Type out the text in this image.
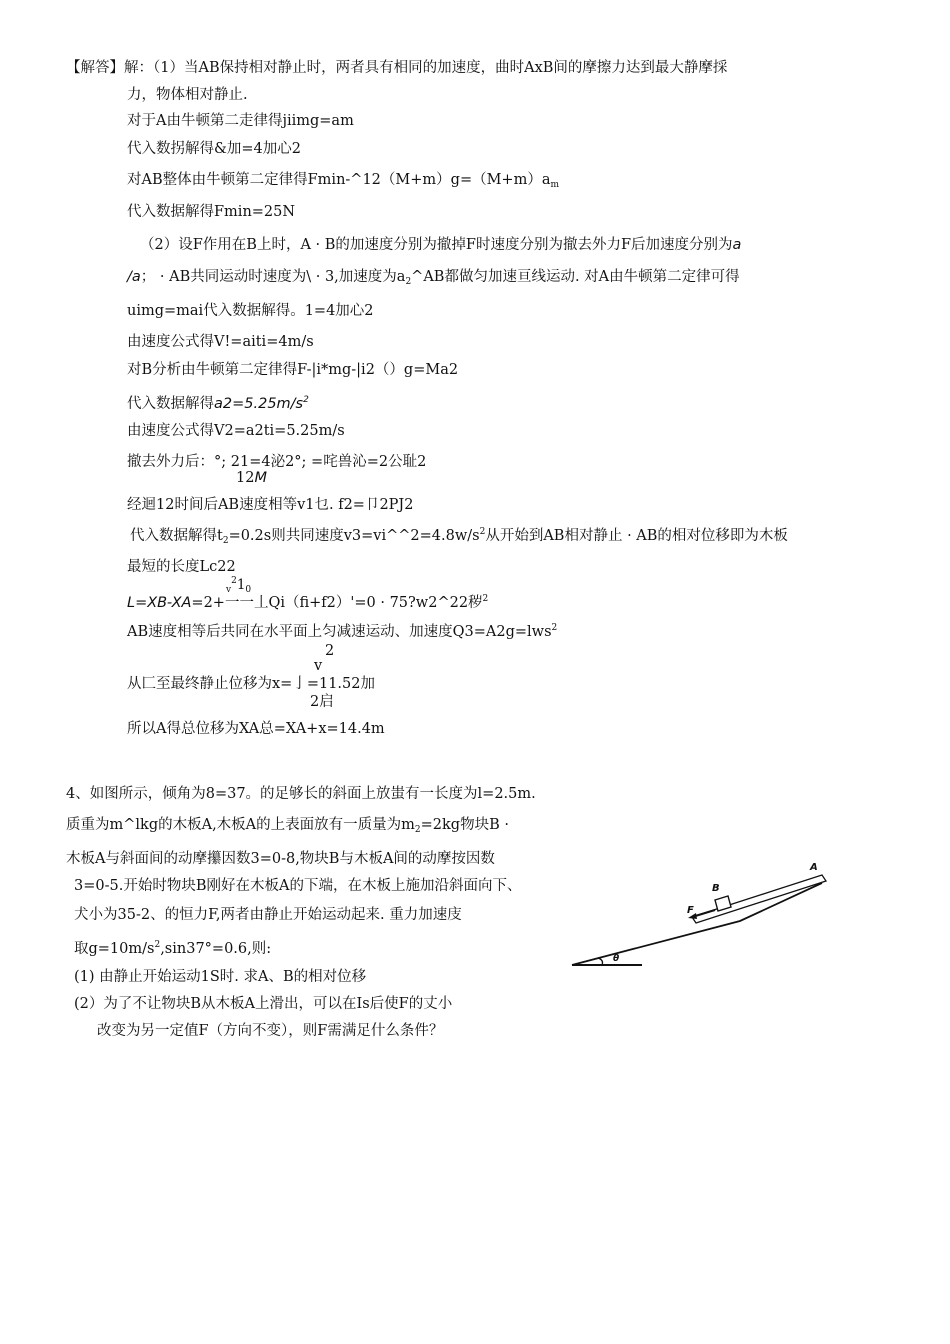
【解答】解：（1）当AB保持相对静止时，两者具有相同的加速度，曲时AxB间的摩擦力达到最大静摩採
力，物体相对静止.
对于A由牛顿第二走律得jiimg=am
代入数拐解得&加=4加心2
对AB整体由牛顿第二定律得Fmin-$\^{}12(M+m)g=(M+m)a_m$
代入数据解得Fmin=25N
（2）设F作用在B上时，A · B的加速度分别为撤掉F时速度分别为撤去外力F后加速度分别为a
/a； · AB共同运动时速度为\ · 3,加速度为$a_2\^{}AB$都做匀加速亘线运动. 对A由牛顿第二定律可得
uimg=mai代入数据解得。1=4加心2
由速度公式得V!=aiti=4m/s
对B分析由牛顿第二定律得F-|i*mg-|i2（）g=Ma2
代入数据解得$a2=5.25m/s^2$
由速度公式得V2=a2ti=5.25m/s
撤去外力后：°; 21=4泌2°; =咤兽沁=2公耻2
12M
经迴12时间后AB速度相等v1乜. f2=卩2PJ2
代入数据解得$t_2=0.2s$则共同速度$v3=vi\^{}\^{}2=4.8w/s^2$从开始到AB相对静止 · AB的相对位移即为木板
最短的长度Lc22
$_v^21_0$
L=XB-XA=2+一一丄Qi（fi+f2）'=0 · 75?w2^22秽$^2$
AB速度相等后共同在水平面上匀减速运动、加速度Q3=A2g=lws$^2$
2
v
从匚至最终静止位移为x=亅=11.52加
2启
所以A得总位移为XA总=XA+x=14.4m
4、如图所示，倾角为8=37。的足够长的斜面上放蚩有一长度为l=2.5m.
质重为m^lkg的木板A,木板A的上表面放有一质量为$m_2=2kg$物块B ·
木板A与斜面间的动摩攥因数3=0-8,物块B与木板A间的动摩按因数
3=0-5.开始时物块B刚好在木板A的下端，在木板上施加沿斜面向下、
犬小为35-2、的恒力F,两者由静止开始运动起来. 重力加速庋
取$g=10m/s^2,\sin 37^\circ=0.6$,则:
(1) 由静止开始运动1S时. 求A、B的相对位移
(2）为了不让物块B从木板A上滑出，可以在Is后使F的丈小
改变为另一定值F（方向不变），则F需满足什么条件？
θ
A
B
F
